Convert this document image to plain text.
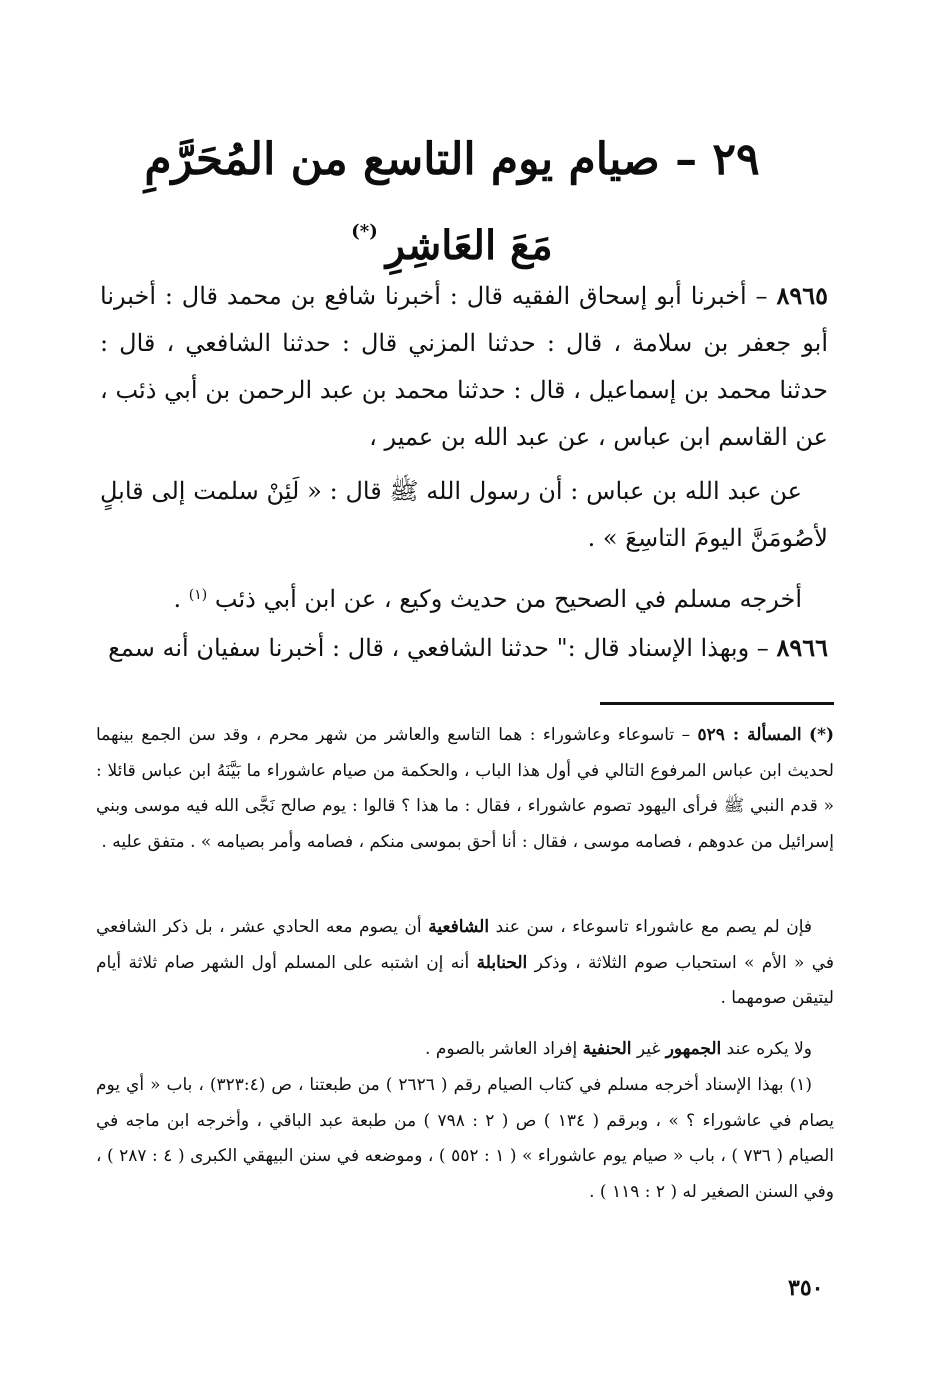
٢٩ – صيام يوم التاسع من المُحَرَّمِ
مَعَ العَاشِرِ(*)
٨٩٦٥ – أخبرنا أبو إسحاق الفقيه قال : أخبرنا شافع بن محمد قال : أخبرنا أبو جعفر بن سلامة ، قال : حدثنا المزني قال : حدثنا الشافعي ، قال : حدثنا محمد بن إسماعيل ، قال : حدثنا محمد بن عبد الرحمن بن أبي ذئب ، عن القاسم ابن عباس ، عن عبد الله بن عمير ،
عن عبد الله بن عباس : أن رسول الله ﷺ قال : « لَئِنْ سلمت إلى قابلٍ لأصُومَنَّ اليومَ التاسِعَ » .
أخرجه مسلم في الصحيح من حديث وكيع ، عن ابن أبي ذئب $^{(١)}$ .
٨٩٦٦ – وبهذا الإسناد قال :" حدثنا الشافعي ، قال : أخبرنا سفيان أنه سمع
(*) المسألة : ٥٢٩ – تاسوعاء وعاشوراء : هما التاسع والعاشر من شهر محرم ، وقد سن الجمع بينهما لحديث ابن عباس المرفوع التالي في أول هذا الباب ، والحكمة من صيام عاشوراء ما بَيَّنَهُ ابن عباس قائلا : « قدم النبي ﷺ فرأى اليهود تصوم عاشوراء ، فقال : ما هذا ؟ قالوا : يوم صالح نَجَّى الله فيه موسى وبني إسرائيل من عدوهم ، فصامه موسى ، فقال : أنا أحق بموسى منكم ، فصامه وأمر بصيامه » . متفق عليه .
فإن لم يصم مع عاشوراء تاسوعاء ، سن عند الشافعية أن يصوم معه الحادي عشر ، بل ذكر الشافعي في « الأم » استحباب صوم الثلاثة ، وذكر الحنابلة أنه إن اشتبه على المسلم أول الشهر صام ثلاثة أيام ليتيقن صومهما .
ولا يكره عند الجمهور غير الحنفية إفراد العاشر بالصوم .
(١) بهذا الإسناد أخرجه مسلم في كتاب الصيام رقم ( ٢٦٢٦ ) من طبعتنا ، ص (٣٢٣:٤) ، باب « أي يوم يصام في عاشوراء ؟ » ، وبرقم ( ١٣٤ ) ص ( ٢ : ٧٩٨ ) من طبعة عبد الباقي ، وأخرجه ابن ماجه في الصيام ( ٧٣٦ ) ، باب « صيام يوم عاشوراء » ( ١ : ٥٥٢ ) ، وموضعه في سنن البيهقي الكبرى ( ٤ : ٢٨٧ ) ، وفي السنن الصغير له ( ٢ : ١١٩ ) .
٣٥٠
